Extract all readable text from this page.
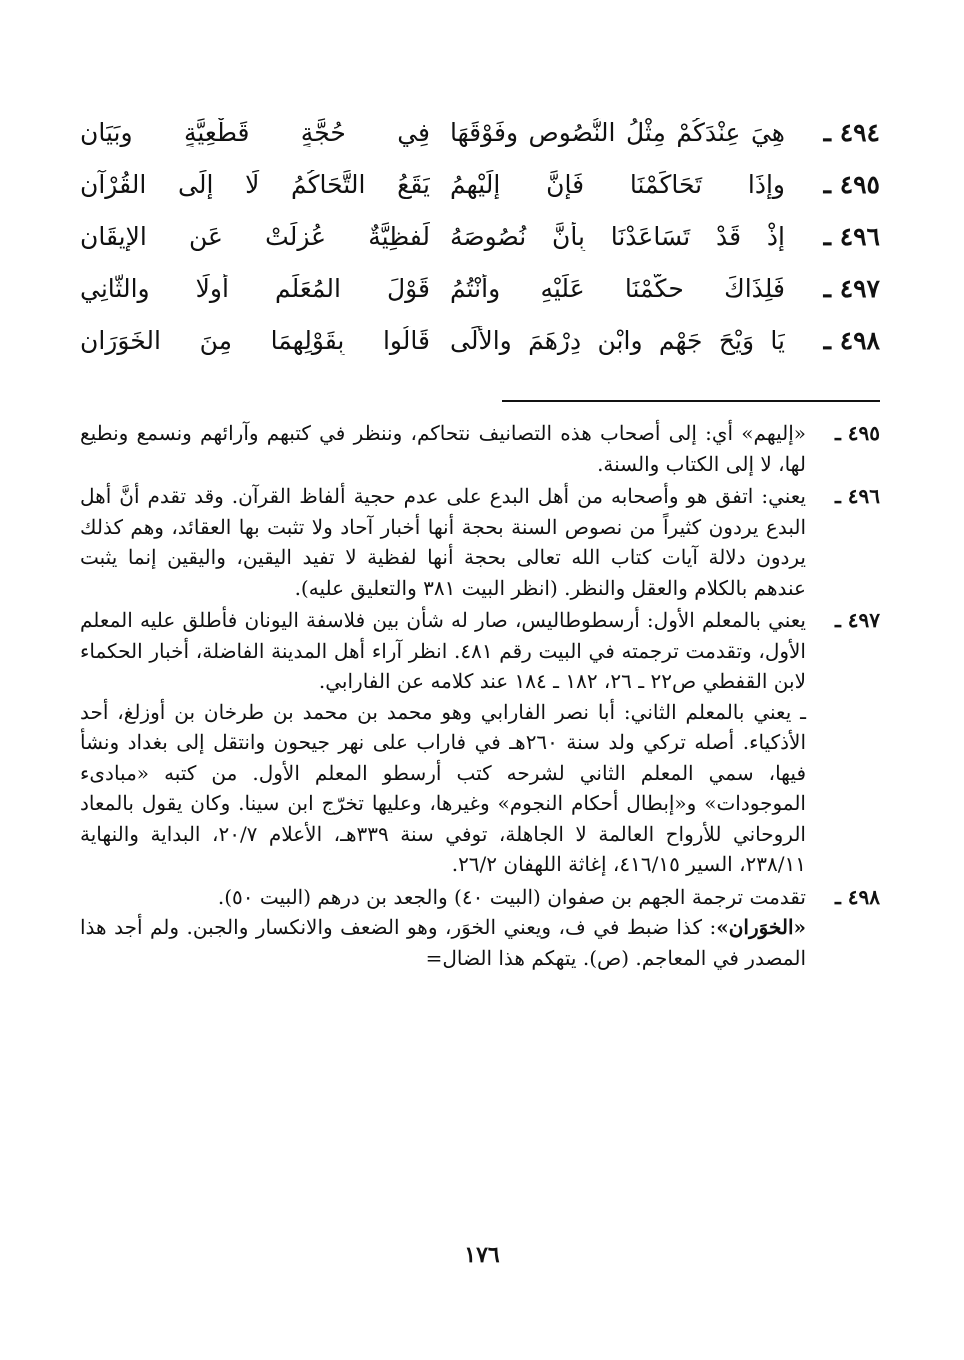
٤٩٤ ـ
هِيَ عِنْدَكُمْ مِثْلُ النُّصُوصِ وفَوْقَهَا
فِي حُجَّةٍ قَطْعِيَّةٍ وبَيَانِ
٤٩٥ ـ
وإذَا تَحَاكَمْنَا فَإِنَّ إِلَيْهِمُ
يَقَعُ التَّحَاكُمُ لَا إِلَى القُرْآنِ
٤٩٦ ـ
إِذْ قَدْ تَسَاعَدْنَا بِأَنَّ نُصُوصَهُ
لَفظِيَّةٌ عُزِلَتْ عَنِ الإِيقَانِ
٤٩٧ ـ
فَلِذَاكَ حكَّمْنَا عَلَيْهِ وأنْتُمُ
قَوْلَ المُعَلِّمِ أولًا والثَّانِي
٤٩٨ ـ
يَا وَيْحَ جَهْمٍ وابْنِ دِرْهَمَ والأُلَى
قَالُوا بِقَوْلِهِمَا مِنَ الخَوَرَانِ
٤٩٥ ـ

«إليهم» أي: إلى أصحاب هذه التصانيف نتحاكم، وننظر في كتبهم وآرائهم ونسمع ونطيع لها، لا إلى الكتاب والسنة.

٤٩٦ ـ

يعني: اتفق هو وأصحابه من أهل البدع على عدم حجية ألفاظ القرآن. وقد تقدم أنَّ أهل البدع يردون كثيراً من نصوص السنة بحجة أنها أخبار آحاد ولا تثبت بها العقائد، وهم كذلك يردون دلالة آيات كتاب الله تعالى بحجة أنها لفظية لا تفيد اليقين، واليقين إنما يثبت عندهم بالكلام والعقل والنظر. (انظر البيت ٣٨١ والتعليق عليه).

٤٩٧ ـ

يعني بالمعلم الأول: أرسطوطاليس، صار له شأن بين فلاسفة اليونان فأطلق عليه المعلم الأول، وتقدمت ترجمته في البيت رقم ٤٨١. انظر آراء أهل المدينة الفاضلة، أخبار الحكماء لابن القفطي ص٢٢ ـ ٢٦، ١٨٢ ـ ١٨٤ عند كلامه عن الفارابي.

ـ يعني بالمعلم الثاني: أبا نصر الفارابي وهو محمد بن محمد بن طرخان بن أوزلغ، أحد الأذكياء. أصله تركي ولد سنة ٢٦٠هـ في فاراب على نهر جيحون وانتقل إلى بغداد ونشأ فيها، سمي المعلم الثاني لشرحه كتب أرسطو المعلم الأول. من كتبه «مبادىء الموجودات» و«إبطال أحكام النجوم» وغيرها، وعليها تخرّج ابن سينا. وكان يقول بالمعاد الروحاني للأرواح العالمة لا الجاهلة، توفي سنة ٣٣٩هـ، الأعلام ٢٠/٧، البداية والنهاية ٢٣٨/١١، السير ٤١٦/١٥، إغاثة اللهفان ٢٦/٢.

٤٩٨ ـ

تقدمت ترجمة الجهم بن صفوان (البيت ٤٠) والجعد بن درهم (البيت ٥٠).

«الخوَران»: كذا ضبط في ف، ويعني الخوَر، وهو الضعف والانكسار والجبن. ولم أجد هذا المصدر في المعاجم. (ص). يتهكم هذا الضال=

١٧٦
